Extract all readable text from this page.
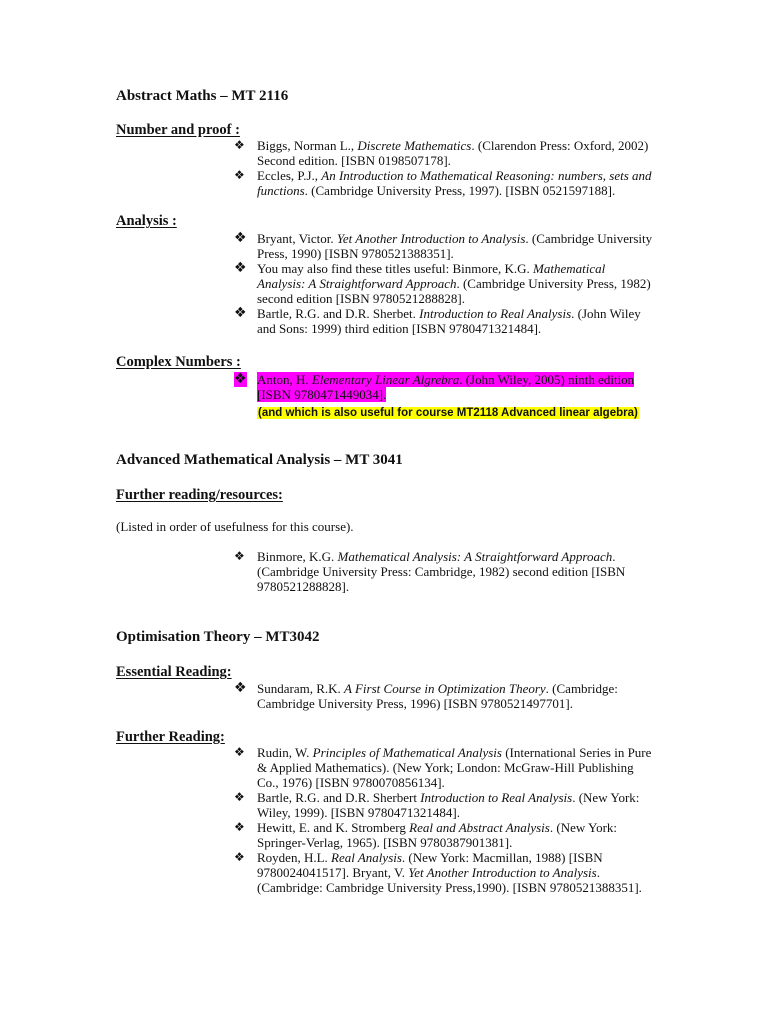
Abstract Maths – MT 2116
Number and proof :
❖ Biggs, Norman L., Discrete Mathematics. (Clarendon Press: Oxford, 2002) Second edition. [ISBN 0198507178].
❖ Eccles, P.J., An Introduction to Mathematical Reasoning: numbers, sets and functions. (Cambridge University Press, 1997). [ISBN 0521597188].
Analysis :
❖ Bryant, Victor. Yet Another Introduction to Analysis. (Cambridge University Press, 1990) [ISBN 9780521388351].
❖ You may also find these titles useful: Binmore, K.G. Mathematical Analysis: A Straightforward Approach. (Cambridge University Press, 1982) second edition [ISBN 9780521288828].
❖ Bartle, R.G. and D.R. Sherbet. Introduction to Real Analysis. (John Wiley and Sons: 1999) third edition [ISBN 9780471321484].
Complex Numbers :
❖ Anton, H. Elementary Linear Algrebra. (John Wiley, 2005) ninth edition [ISBN 9780471449034].
(and which is also useful for course MT2118 Advanced linear algebra)
Advanced Mathematical Analysis – MT 3041
Further reading/resources:

(Listed in order of usefulness for this course).

❖ Binmore, K.G. Mathematical Analysis: A Straightforward Approach. (Cambridge University Press: Cambridge, 1982) second edition [ISBN 9780521288828].
Optimisation Theory – MT3042
Essential Reading:
❖ Sundaram, R.K. A First Course in Optimization Theory. (Cambridge: Cambridge University Press, 1996) [ISBN 9780521497701].
Further Reading:
❖ Rudin, W. Principles of Mathematical Analysis (International Series in Pure & Applied Mathematics). (New York; London: McGraw-Hill Publishing Co., 1976) [ISBN 9780070856134].
❖ Bartle, R.G. and D.R. Sherbert Introduction to Real Analysis. (New York: Wiley, 1999). [ISBN 9780471321484].
❖ Hewitt, E. and K. Stromberg Real and Abstract Analysis. (New York: Springer-Verlag, 1965). [ISBN 9780387901381].
❖ Royden, H.L. Real Analysis. (New York: Macmillan, 1988) [ISBN 9780024041517]. Bryant, V. Yet Another Introduction to Analysis. (Cambridge: Cambridge University Press,1990). [ISBN 9780521388351].
